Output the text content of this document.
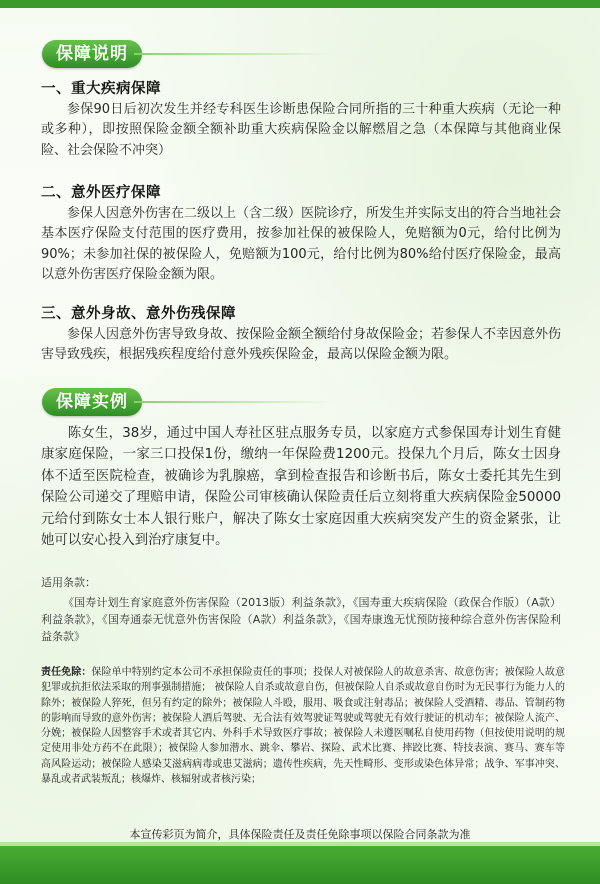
保障说明
一、重大疾病保障

参保90日后初次发生并经专科医生诊断患保险合同所指的三十种重大疾病（无论一种或多种），即按照保险金额全额补助重大疾病保险金以解燃眉之急（本保障与其他商业保险、社会保险不冲突）

二、意外医疗保障

参保人因意外伤害在二级以上（含二级）医院诊疗，所发生并实际支出的符合当地社会基本医疗保险支付范围的医疗费用，按参加社保的被保险人，免赔额为0元，给付比例为90%；未参加社保的被保险人，免赔额为100元，给付比例为80%给付医疗保险金，最高以意外伤害医疗保险金额为限。

三、意外身故、意外伤残保障

参保人因意外伤害导致身故、按保险金额全额给付身故保险金；若参保人不幸因意外伤害导致残疾，根据残疾程度给付意外残疾保险金，最高以保险金额为限。

保障实例

陈女生，38岁，通过中国人寿社区驻点服务专员，以家庭方式参保国寿计划生育健康家庭保险，一家三口投保1份，缴纳一年保险费1200元。投保九个月后，陈女士因身体不适至医院检查，被确诊为乳腺癌，拿到检查报告和诊断书后，陈女士委托其先生到保险公司递交了理赔申请，保险公司审核确认保险责任后立刻将重大疾病保险金50000元给付到陈女士本人银行账户，解决了陈女士家庭因重大疾病突发产生的资金紧张，让她可以安心投入到治疗康复中。

适用条款：

《国寿计划生育家庭意外伤害保险（2013版）利益条款》，《国寿重大疾病保险（政保合作版）（A款）利益条款》，《国寿通泰无忧意外伤害保险（A款）利益条款》，《国寿康逸无忧预防接种综合意外伤害保险利益条款》

责任免除：保险单中特别约定本公司不承担保险责任的事项；投保人对被保险人的故意杀害、故意伤害；被保险人故意犯罪或抗拒依法采取的刑事强制措施； 被保险人自杀或故意自伤，但被保险人自杀或故意自伤时为无民事行为能力人的除外；被保险人猝死，但另有约定的除外；被保险人斗殴，服用、吸食或注射毒品；被保险人受酒精、毒品、管制药物的影响而导致的意外伤害；被保险人酒后驾驶、无合法有效驾驶证驾驶或驾驶无有效行驶证的机动车；被保险人流产、分娩；被保险人因整容手术或者其它内、外科手术导致医疗事故；被保险人未遵医嘱私自使用药物（但按使用说明的规定使用非处方药不在此限）；被保险人参加潜水、跳伞、攀岩、探险、武术比赛、摔跤比赛、特技表演、赛马、赛车等高风险运动；被保险人感染艾滋病病毒或患艾滋病；遗传性疾病，先天性畸形、变形或染色体异常；战争、军事冲突、暴乱或者武装叛乱；核爆炸、核辐射或者核污染；

本宣传彩页为简介，具体保险责任及责任免除事项以保险合同条款为准
